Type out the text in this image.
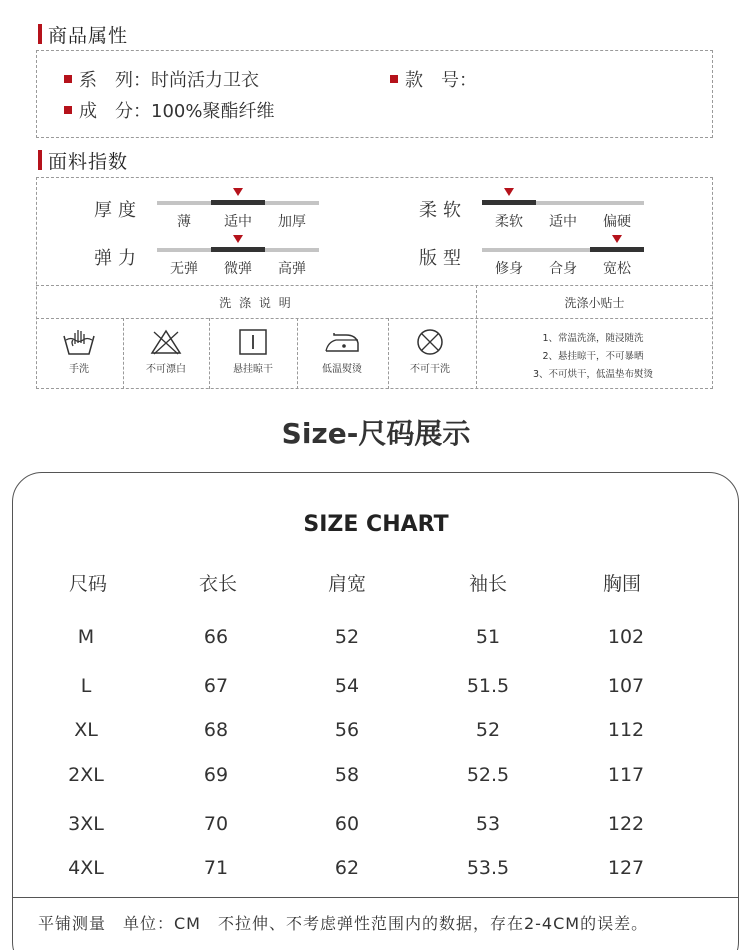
商品属性
系　列： 时尚活力卫衣	款　号：
成　分： 100%聚酯纤维
面料指数
厚度
薄	适中	加厚
弹力	无弹	微弹	高弹
柔软
柔软	适中	偏硬
版型	修身	合身	宽松
洗 涤 说 明	洗涤小贴士
手洗	不可漂白	悬挂晾干	低温熨烫	不可干洗
1、常温洗涤，随浸随洗
2、悬挂晾干，不可暴晒
3、不可烘干，低温垫布熨烫
Size-尺码展示
SIZE CHART
尺码	衣长	肩宽	袖长	胸围
M	66	52	51	102
L	67	54	51.5	107
XL	68	56	52	112
2XL	69	58	52.5	117
3XL	70	60	53	122
4XL	71	62	53.5	127
平铺测量　单位：CM　不拉伸、不考虑弹性范围内的数据，存在2-4CM的误差。
